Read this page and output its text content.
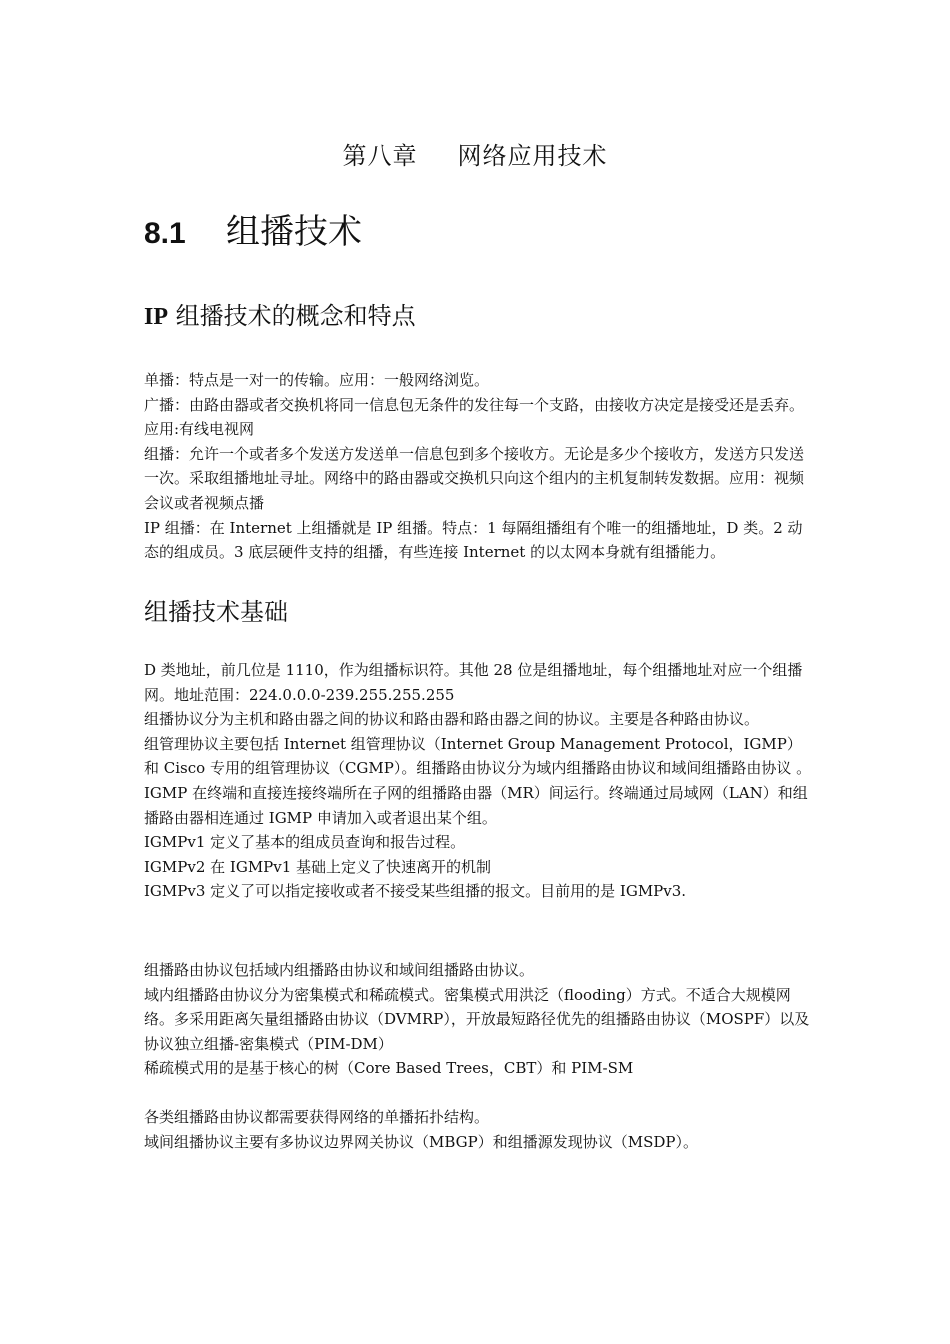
第八章 网络应用技术
8.1 组播技术
IP 组播技术的概念和特点

单播：特点是一对一的传输。应用：一般网络浏览。

广播：由路由器或者交换机将同一信息包无条件的发往每一个支路，由接收方决定是接受还是丢弃。应用:有线电视网

组播：允许一个或者多个发送方发送单一信息包到多个接收方。无论是多少个接收方，发送方只发送一次。采取组播地址寻址。网络中的路由器或交换机只向这个组内的主机复制转发数据。应用：视频会议或者视频点播

IP 组播：在 Internet 上组播就是 IP 组播。特点：1 每隔组播组有个唯一的组播地址，D 类。2 动态的组成员。3 底层硬件支持的组播，有些连接 Internet 的以太网本身就有组播能力。

组播技术基础

D 类地址，前几位是 1110，作为组播标识符。其他 28 位是组播地址，每个组播地址对应一个组播网。地址范围：224.0.0.0-239.255.255.255

组播协议分为主机和路由器之间的协议和路由器和路由器之间的协议。主要是各种路由协议。

组管理协议主要包括 Internet 组管理协议（Internet Group Management Protocol，IGMP）和 Cisco 专用的组管理协议（CGMP）。组播路由协议分为域内组播路由协议和域间组播路由协议 。

IGMP 在终端和直接连接终端所在子网的组播路由器（MR）间运行。终端通过局域网（LAN）和组播路由器相连通过 IGMP 申请加入或者退出某个组。

IGMPv1 定义了基本的组成员查询和报告过程。

IGMPv2 在 IGMPv1 基础上定义了快速离开的机制

IGMPv3 定义了可以指定接收或者不接受某些组播的报文。目前用的是 IGMPv3.

组播路由协议包括域内组播路由协议和域间组播路由协议。

域内组播路由协议分为密集模式和稀疏模式。密集模式用洪泛（flooding）方式。不适合大规模网络。多采用距离矢量组播路由协议（DVMRP），开放最短路径优先的组播路由协议（MOSPF）以及协议独立组播-密集模式（PIM-DM）

稀疏模式用的是基于核心的树（Core Based Trees，CBT）和 PIM-SM

各类组播路由协议都需要获得网络的单播拓扑结构。

域间组播协议主要有多协议边界网关协议（MBGP）和组播源发现协议（MSDP）。
